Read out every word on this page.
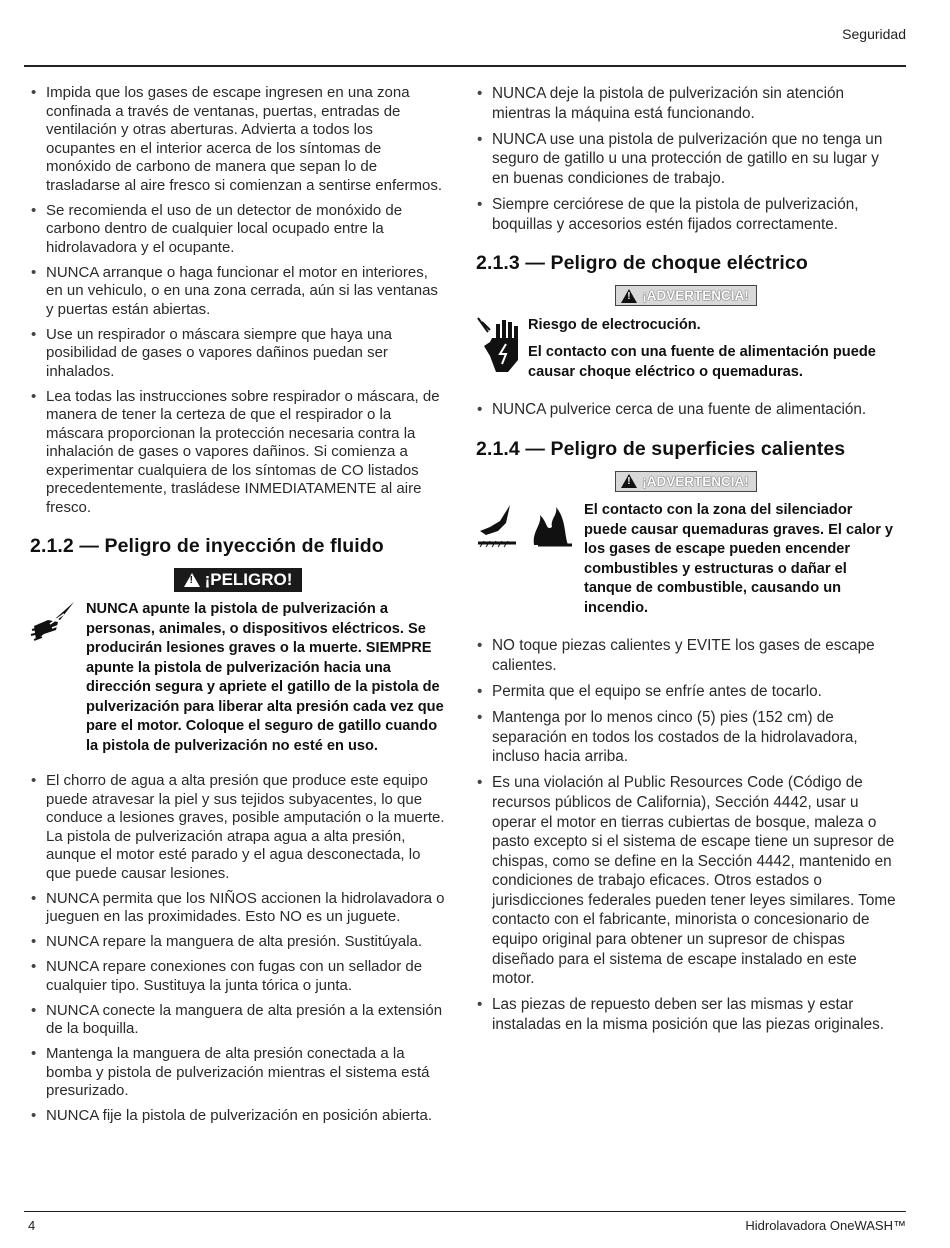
Seguridad
• Impida que los gases de escape ingresen en una zona confinada a través de ventanas, puertas, entradas de ventilación y otras aberturas. Advierta a todos los ocupantes en el interior acerca de los síntomas de monóxido de carbono de manera que sepan lo de trasladarse al aire fresco si comienzan a sentirse enfermos.
• Se recomienda el uso de un detector de monóxido de carbono dentro de cualquier local ocupado entre la hidrolavadora y el ocupante.
• NUNCA arranque o haga funcionar el motor en interiores, en un vehiculo, o en una zona cerrada, aún si las ventanas y puertas están abiertas.
• Use un respirador o máscara siempre que haya una posibilidad de gases o vapores dañinos puedan ser inhalados.
• Lea todas las instrucciones sobre respirador o máscara, de manera de tener la certeza de que el respirador o la máscara proporcionan la protección necesaria contra la inhalación de gases o vapores dañinos. Si comienza a experimentar cualquiera de los síntomas de CO listados precedentemente, trasládese INMEDIATAMENTE al aire fresco.
2.1.2 — Peligro de inyección de fluido
! ¡PELIGRO!

NUNCA apunte la pistola de pulverización a personas, animales, o dispositivos eléctricos. Se producirán lesiones graves o la muerte. SIEMPRE apunte la pistola de pulverización hacia una dirección segura y apriete el gatillo de la pistola de pulverización para liberar alta presión cada vez que pare el motor. Coloque el seguro de gatillo cuando la pistola de pulverización no esté en uso.

• El chorro de agua a alta presión que produce este equipo puede atravesar la piel y sus tejidos subyacentes, lo que conduce a lesiones graves, posible amputación o la muerte. La pistola de pulverización atrapa agua a alta presión, aunque el motor esté parado y el agua desconectada, lo que puede causar lesiones.
• NUNCA permita que los NIÑOS accionen la hidrolavadora o jueguen en las proximidades. Esto NO es un juguete.
• NUNCA repare la manguera de alta presión. Sustitúyala.
• NUNCA repare conexiones con fugas con un sellador de cualquier tipo. Sustituya la junta tórica o junta.
• NUNCA conecte la manguera de alta presión a la extensión de la boquilla.
• Mantenga la manguera de alta presión conectada a la bomba y pistola de pulverización mientras el sistema está presurizado.
• NUNCA fije la pistola de pulverización en posición abierta.
• NUNCA deje la pistola de pulverización sin atención mientras la máquina está funcionando.
• NUNCA use una pistola de pulverización que no tenga un seguro de gatillo u una protección de gatillo en su lugar y en buenas condiciones de trabajo.
• Siempre cerciórese de que la pistola de pulverización, boquillas y accesorios estén fijados correctamente.
2.1.3 — Peligro de choque eléctrico
! ¡ADVERTENCIA!

Riesgo de electrocución.

El contacto con una fuente de alimentación puede causar choque eléctrico o quemaduras.

• NUNCA pulverice cerca de una fuente de alimentación.
2.1.4 — Peligro de superficies calientes
! ¡ADVERTENCIA!

El contacto con la zona del silenciador puede causar quemaduras graves. El calor y los gases de escape pueden encender combustibles y estructuras o dañar el tanque de combustible, causando un incendio.

• NO toque piezas calientes y EVITE los gases de escape calientes.
• Permita que el equipo se enfríe antes de tocarlo.
• Mantenga por lo menos cinco (5) pies (152 cm) de separación en todos los costados de la hidrolavadora, incluso hacia arriba.
• Es una violación al Public Resources Code (Código de recursos públicos de California), Sección 4442, usar u operar el motor en tierras cubiertas de bosque, maleza o pasto excepto si el sistema de escape tiene un supresor de chispas, como se define en la Sección 4442, mantenido en condiciones de trabajo eficaces. Otros estados o jurisdicciones federales pueden tener leyes similares. Tome contacto con el fabricante, minorista o concesionario de equipo original para obtener un supresor de chispas diseñado para el sistema de escape instalado en este motor.
• Las piezas de repuesto deben ser las mismas y estar instaladas en la misma posición que las piezas originales.
4	Hidrolavadora OneWASH™
